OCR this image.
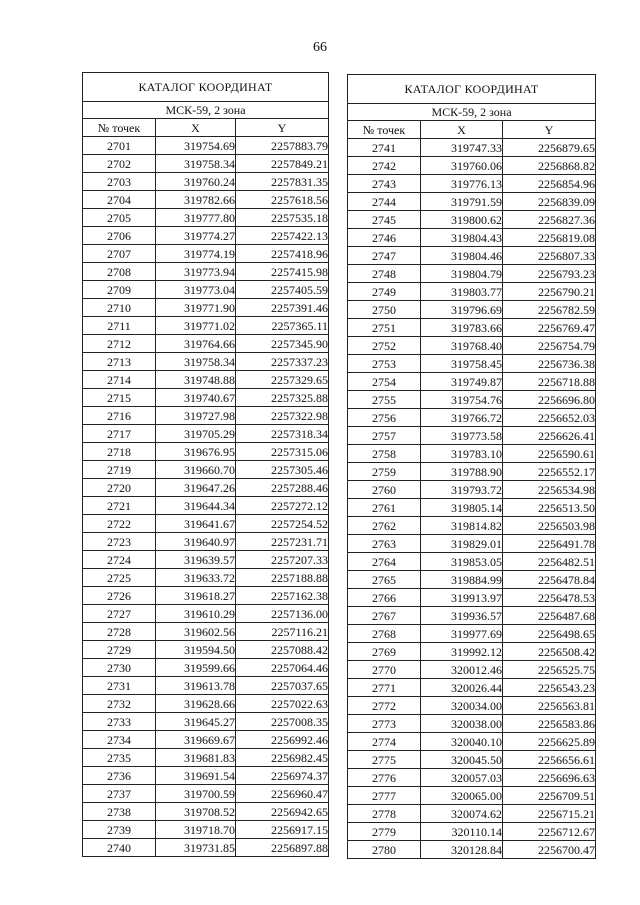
66
КАТАЛОГ КООРДИНАТ		
МСК-59, 2 зона		
№ точек	X	Y
2701	319754.69	2257883.79
2702	319758.34	2257849.21
2703	319760.24	2257831.35
2704	319782.66	2257618.56
2705	319777.80	2257535.18
2706	319774.27	2257422.13
2707	319774.19	2257418.96
2708	319773.94	2257415.98
2709	319773.04	2257405.59
2710	319771.90	2257391.46
2711	319771.02	2257365.11
2712	319764.66	2257345.90
2713	319758.34	2257337.23
2714	319748.88	2257329.65
2715	319740.67	2257325.88
2716	319727.98	2257322.98
2717	319705.29	2257318.34
2718	319676.95	2257315.06
2719	319660.70	2257305.46
2720	319647.26	2257288.46
2721	319644.34	2257272.12
2722	319641.67	2257254.52
2723	319640.97	2257231.71
2724	319639.57	2257207.33
2725	319633.72	2257188.88
2726	319618.27	2257162.38
2727	319610.29	2257136.00
2728	319602.56	2257116.21
2729	319594.50	2257088.42
2730	319599.66	2257064.46
2731	319613.78	2257037.65
2732	319628.66	2257022.63
2733	319645.27	2257008.35
2734	319669.67	2256992.46
2735	319681.83	2256982.45
2736	319691.54	2256974.37
2737	319700.59	2256960.47
2738	319708.52	2256942.65
2739	319718.70	2256917.15
2740	319731.85	2256897.88
КАТАЛОГ КООРДИНАТ		
МСК-59, 2 зона		
№ точек	X	Y
2741	319747.33	2256879.65
2742	319760.06	2256868.82
2743	319776.13	2256854.96
2744	319791.59	2256839.09
2745	319800.62	2256827.36
2746	319804.43	2256819.08
2747	319804.46	2256807.33
2748	319804.79	2256793.23
2749	319803.77	2256790.21
2750	319796.69	2256782.59
2751	319783.66	2256769.47
2752	319768.40	2256754.79
2753	319758.45	2256736.38
2754	319749.87	2256718.88
2755	319754.76	2256696.80
2756	319766.72	2256652.03
2757	319773.58	2256626.41
2758	319783.10	2256590.61
2759	319788.90	2256552.17
2760	319793.72	2256534.98
2761	319805.14	2256513.50
2762	319814.82	2256503.98
2763	319829.01	2256491.78
2764	319853.05	2256482.51
2765	319884.99	2256478.84
2766	319913.97	2256478.53
2767	319936.57	2256487.68
2768	319977.69	2256498.65
2769	319992.12	2256508.42
2770	320012.46	2256525.75
2771	320026.44	2256543.23
2772	320034.00	2256563.81
2773	320038.00	2256583.86
2774	320040.10	2256625.89
2775	320045.50	2256656.61
2776	320057.03	2256696.63
2777	320065.00	2256709.51
2778	320074.62	2256715.21
2779	320110.14	2256712.67
2780	320128.84	2256700.47
